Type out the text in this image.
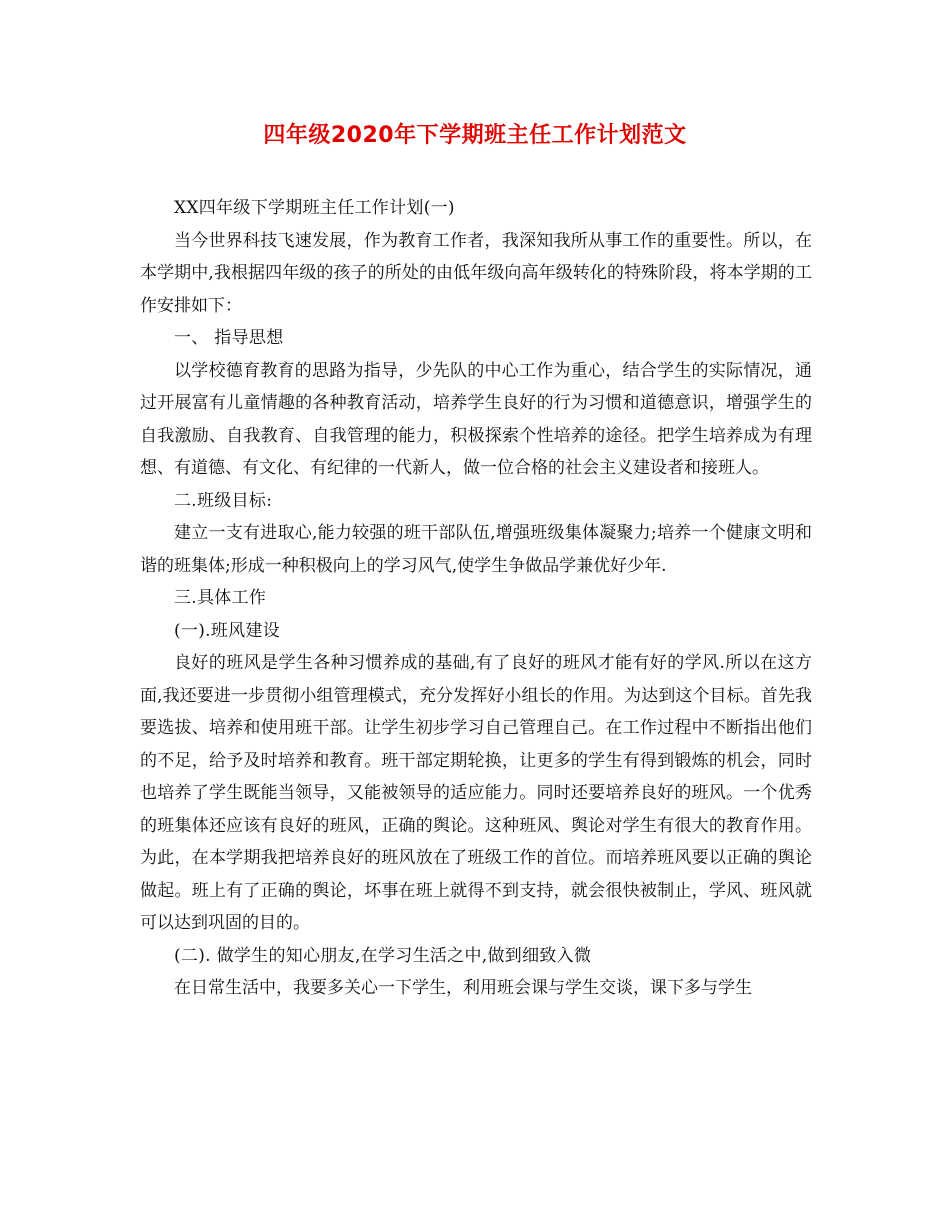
四年级2020年下学期班主任工作计划范文

XX四年级下学期班主任工作计划(一)

当今世界科技飞速发展，作为教育工作者，我深知我所从事工作的重要性。所以，在本学期中,我根据四年级的孩子的所处的由低年级向高年级转化的特殊阶段，将本学期的工作安排如下：

一、 指导思想

以学校德育教育的思路为指导，少先队的中心工作为重心，结合学生的实际情况，通过开展富有儿童情趣的各种教育活动，培养学生良好的行为习惯和道德意识，增强学生的自我激励、自我教育、自我管理的能力，积极探索个性培养的途径。把学生培养成为有理想、有道德、有文化、有纪律的一代新人，做一位合格的社会主义建设者和接班人。

二.班级目标:

建立一支有进取心,能力较强的班干部队伍,增强班级集体凝聚力;培养一个健康文明和谐的班集体;形成一种积极向上的学习风气,使学生争做品学兼优好少年.

三.具体工作

(一).班风建设

良好的班风是学生各种习惯养成的基础,有了良好的班风才能有好的学风.所以在这方面,我还要进一步贯彻小组管理模式，充分发挥好小组长的作用。为达到这个目标。首先我要选拔、培养和使用班干部。让学生初步学习自己管理自己。在工作过程中不断指出他们的不足，给予及时培养和教育。班干部定期轮换，让更多的学生有得到锻炼的机会，同时也培养了学生既能当领导，又能被领导的适应能力。同时还要培养良好的班风。一个优秀的班集体还应该有良好的班风，正确的舆论。这种班风、舆论对学生有很大的教育作用。为此，在本学期我把培养良好的班风放在了班级工作的首位。而培养班风要以正确的舆论做起。班上有了正确的舆论，坏事在班上就得不到支持，就会很快被制止，学风、班风就可以达到巩固的目的。

(二). 做学生的知心朋友,在学习生活之中,做到细致入微

在日常生活中，我要多关心一下学生，利用班会课与学生交谈，课下多与学生
